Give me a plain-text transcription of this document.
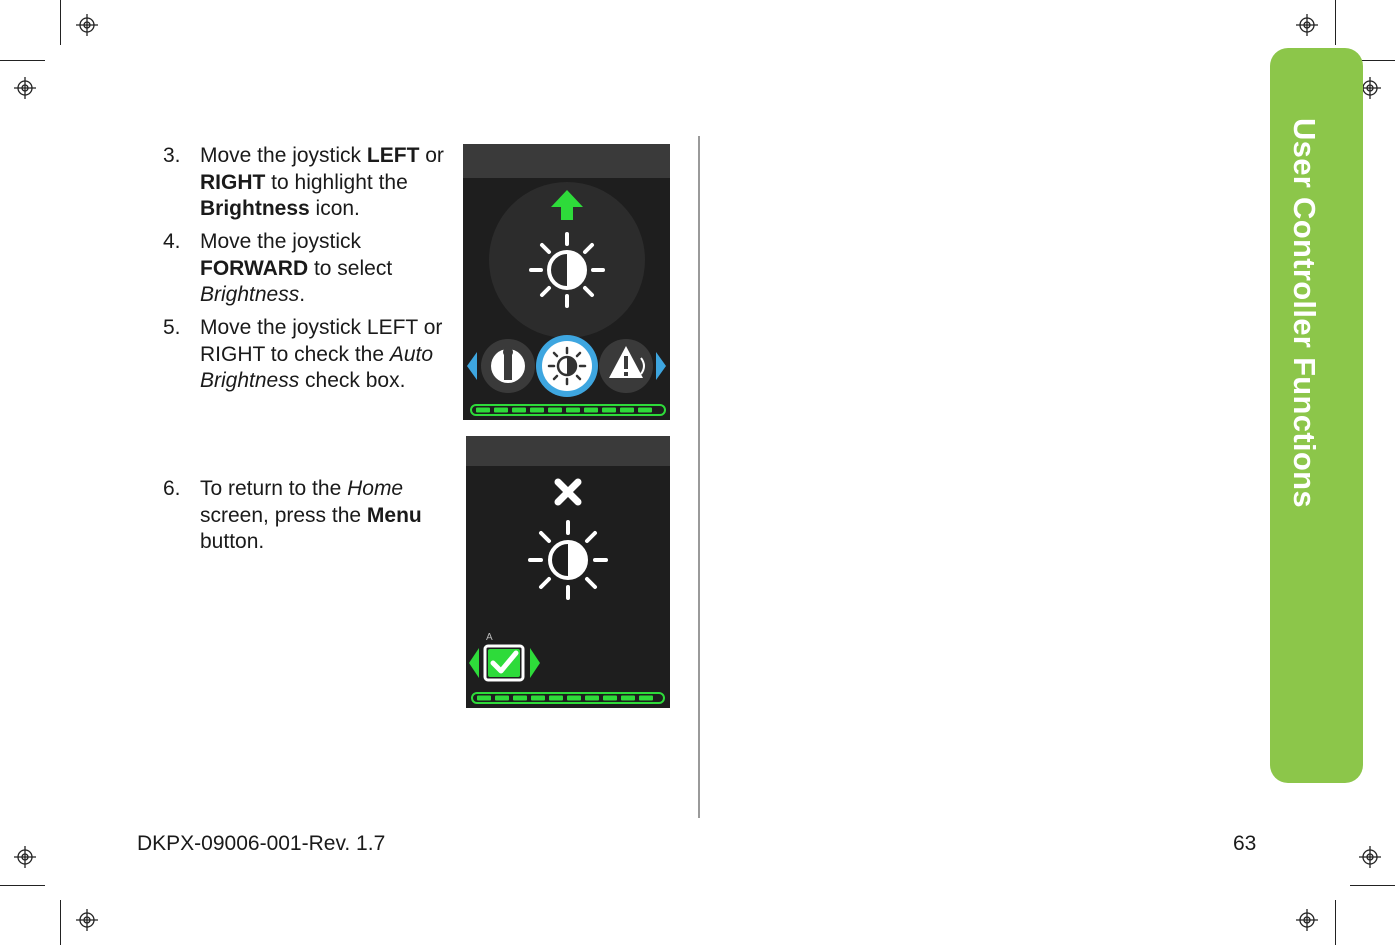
User Controller Functions
3. Move the joystick LEFT or RIGHT to highlight the Brightness icon.
4. Move the joystick FORWARD to select Brightness.
5. Move the joystick LEFT or RIGHT to check the Auto Brightness check box.
6. To return to the Home screen, press the Menu button.
A
DKPX-09006-001-Rev. 1.7	63
